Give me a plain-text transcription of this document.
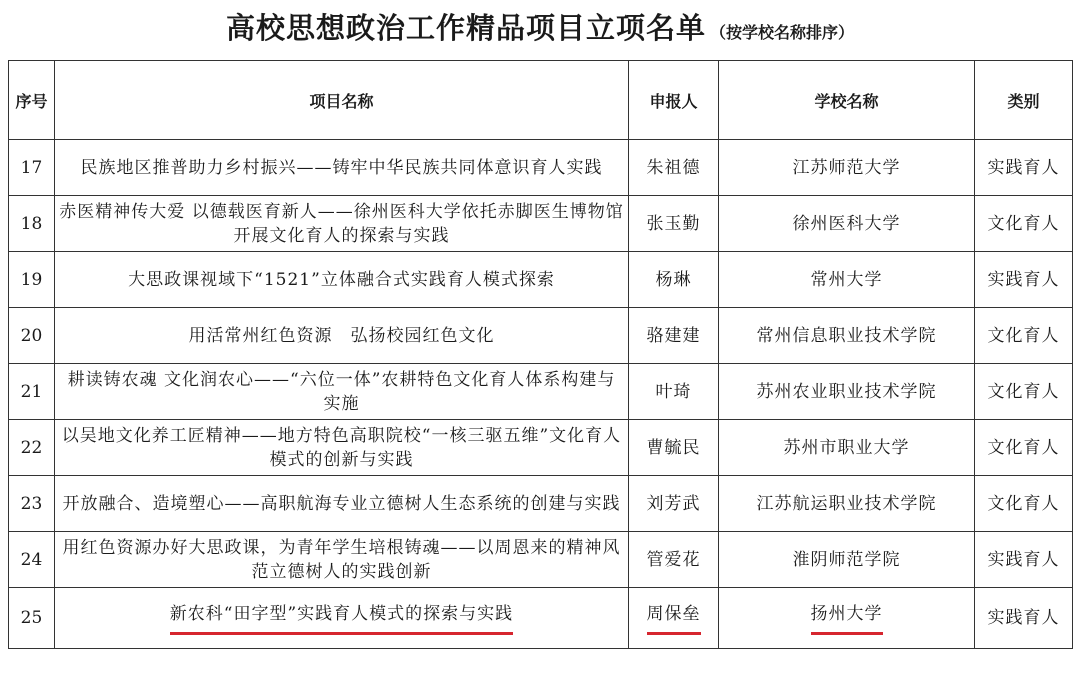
高校思想政治工作精品项目立项名单 （按学校名称排序）
序号	项目名称	申报人	学校名称	类别
17	民族地区推普助力乡村振兴——铸牢中华民族共同体意识育人实践	朱祖德	江苏师范大学	实践育人
18	赤医精神传大爱 以德载医育新人——徐州医科大学依托赤脚医生博物馆开展文化育人的探索与实践	张玉勤	徐州医科大学	文化育人
19	大思政课视域下“1521”立体融合式实践育人模式探索	杨琳	常州大学	实践育人
20	用活常州红色资源　弘扬校园红色文化	骆建建	常州信息职业技术学院	文化育人
21	耕读铸农魂 文化润农心——“六位一体”农耕特色文化育人体系构建与实施	叶琦	苏州农业职业技术学院	文化育人
22	以吴地文化养工匠精神——地方特色高职院校“一核三驱五维”文化育人模式的创新与实践	曹毓民	苏州市职业大学	文化育人
23	开放融合、造境塑心——高职航海专业立德树人生态系统的创建与实践	刘芳武	江苏航运职业技术学院	文化育人
24	用红色资源办好大思政课，为青年学生培根铸魂——以周恩来的精神风范立德树人的实践创新	管爱花	淮阴师范学院	实践育人
25	新农科“田字型”实践育人模式的探索与实践	周保垒	扬州大学	实践育人
